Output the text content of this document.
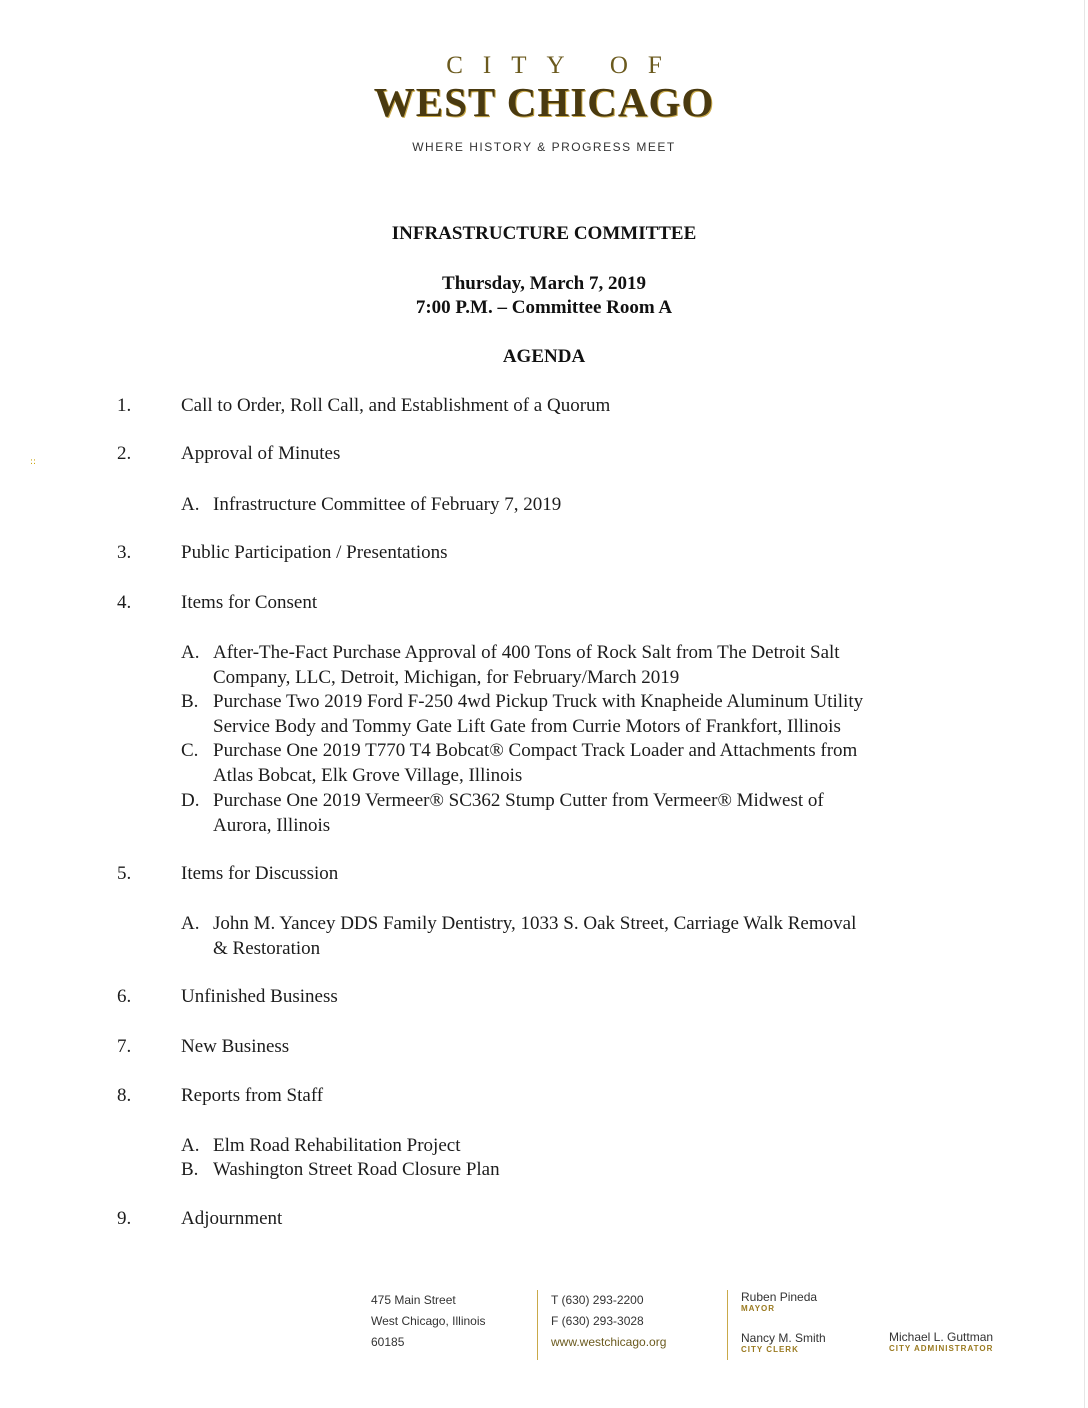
CITY OF
WEST CHICAGO
WHERE HISTORY & PROGRESS MEET
INFRASTRUCTURE COMMITTEE
Thursday, March 7, 2019
7:00 P.M. – Committee Room A
AGENDA
::
1.	Call to Order, Roll Call, and Establishment of a Quorum
2.	Approval of Minutes
A. Infrastructure Committee of February 7, 2019
3.	Public Participation / Presentations
4.	Items for Consent
A. After-The-Fact Purchase Approval of 400 Tons of Rock Salt from The Detroit Salt
Company, LLC, Detroit, Michigan, for February/March 2019
B. Purchase Two 2019 Ford F-250 4wd Pickup Truck with Knapheide Aluminum Utility
Service Body and Tommy Gate Lift Gate from Currie Motors of Frankfort, Illinois
C. Purchase One 2019 T770 T4 Bobcat® Compact Track Loader and Attachments from
Atlas Bobcat, Elk Grove Village, Illinois
D. Purchase One 2019 Vermeer® SC362 Stump Cutter from Vermeer® Midwest of
Aurora, Illinois
5.	Items for Discussion
A. John M. Yancey DDS Family Dentistry, 1033 S. Oak Street, Carriage Walk Removal
& Restoration
6.	Unfinished Business
7.	New Business
8.	Reports from Staff
A. Elm Road Rehabilitation Project
B. Washington Street Road Closure Plan
9.	Adjournment
475 Main Street
West Chicago, Illinois
60185
T (630) 293-2200
F (630) 293-3028
www.westchicago.org
Ruben Pineda
MAYOR
Nancy M. Smith
CITY CLERK
Michael L. Guttman
CITY ADMINISTRATOR
